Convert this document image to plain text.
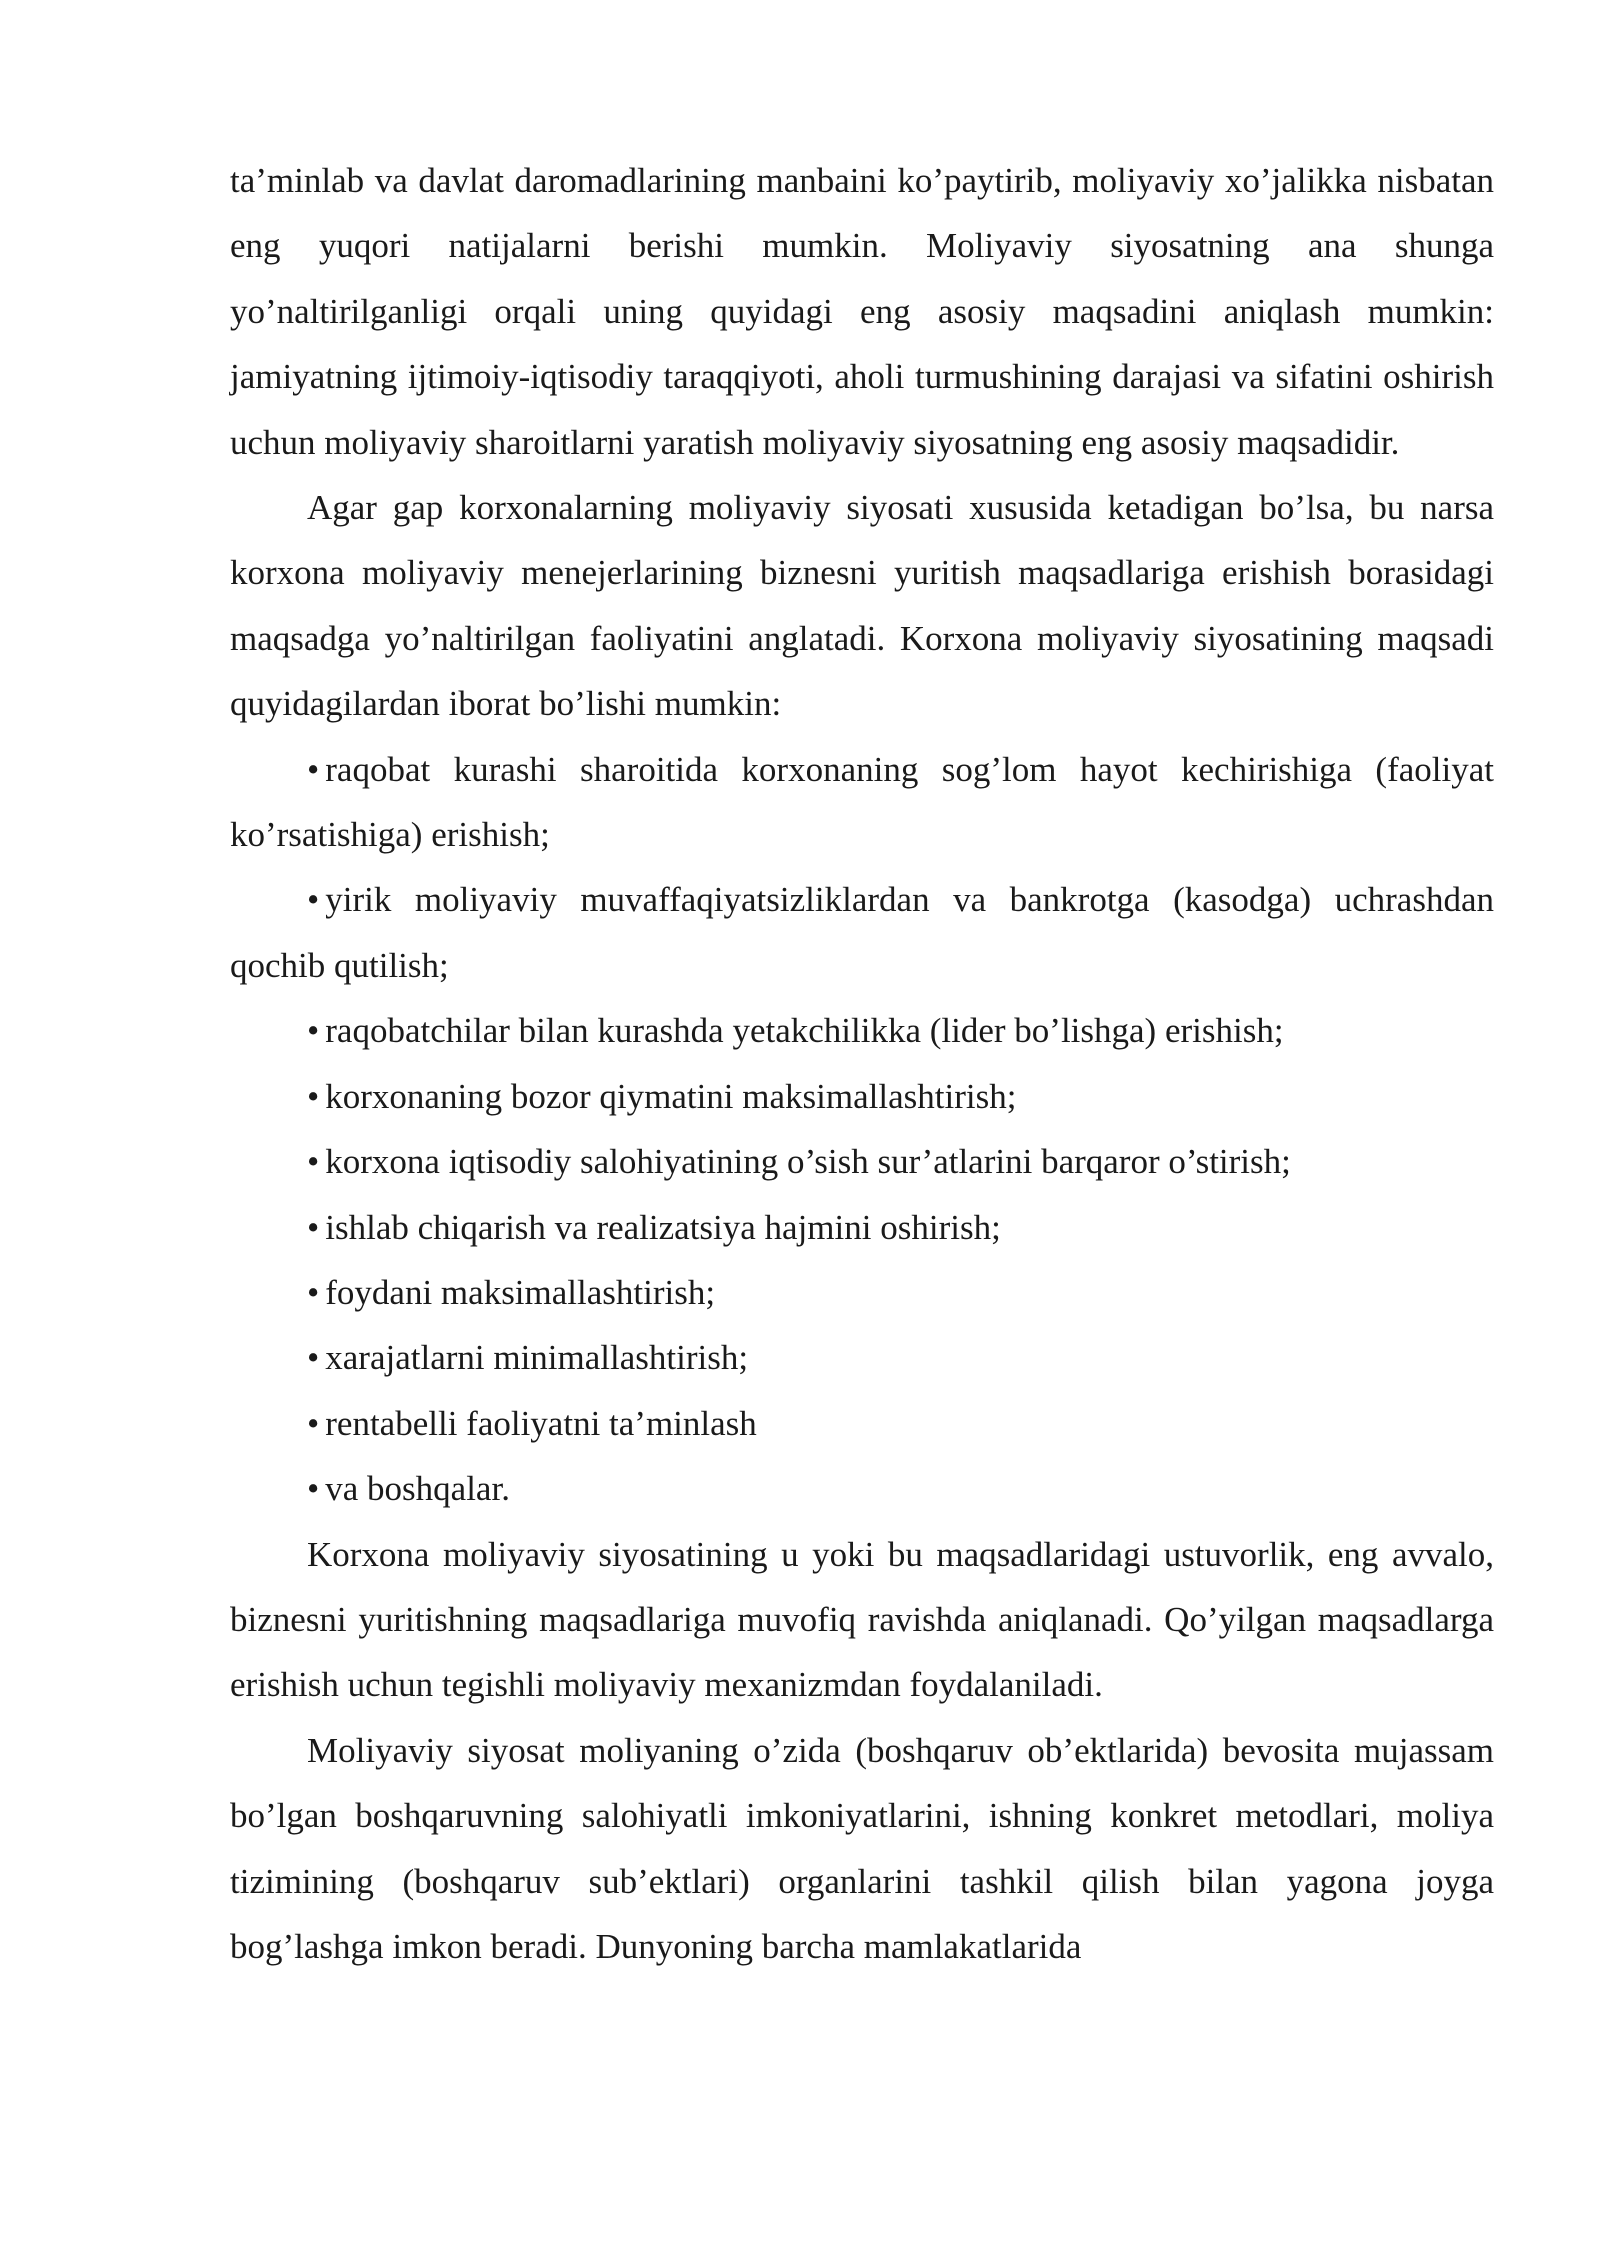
ta’minlab va davlat daromadlarining manbaini ko’paytirib, moliyaviy xo’jalikka nisbatan eng yuqori natijalarni berishi mumkin. Moliyaviy siyosatning ana shunga yo’naltirilganligi orqali uning quyidagi eng asosiy maqsadini aniqlash mumkin: jamiyatning ijtimoiy-iqtisodiy taraqqiyoti, aholi turmushining darajasi va sifatini oshirish uchun moliyaviy sharoitlarni yaratish moliyaviy siyosatning eng asosiy maqsadidir.

Agar gap korxonalarning moliyaviy siyosati xususida ketadigan bo’lsa, bu narsa korxona moliyaviy menejerlarining biznesni yuritish maqsadlariga erishish borasidagi maqsadga yo’naltirilgan faoliyatini anglatadi. Korxona moliyaviy siyosatining maqsadi quyidagilardan iborat bo’lishi mumkin:

• raqobat kurashi sharoitida korxonaning sog’lom hayot kechirishiga (faoliyat ko’rsatishiga) erishish;

• yirik moliyaviy muvaffaqiyatsizliklardan va bankrotga (kasodga) uchrashdan qochib qutilish;

• raqobatchilar bilan kurashda yetakchilikka (lider bo’lishga) erishish;

• korxonaning bozor qiymatini maksimallashtirish;

• korxona iqtisodiy salohiyatining o’sish sur’atlarini barqaror o’stirish;

• ishlab chiqarish va realizatsiya hajmini oshirish;

• foydani maksimallashtirish;

• xarajatlarni minimallashtirish;

• rentabelli faoliyatni ta’minlash

• va boshqalar.

Korxona moliyaviy siyosatining u yoki bu maqsadlaridagi ustuvorlik, eng avvalo, biznesni yuritishning maqsadlariga muvofiq ravishda aniqlanadi. Qo’yilgan maqsadlarga erishish uchun tegishli moliyaviy mexanizmdan foydalaniladi.

Moliyaviy siyosat moliyaning o’zida (boshqaruv ob’ektlarida) bevosita mujassam bo’lgan boshqaruvning salohiyatli imkoniyatlarini, ishning konkret metodlari, moliya tizimining (boshqaruv sub’ektlari) organlarini tashkil qilish bilan yagona joyga bog’lashga imkon beradi. Dunyoning barcha mamlakatlarida
